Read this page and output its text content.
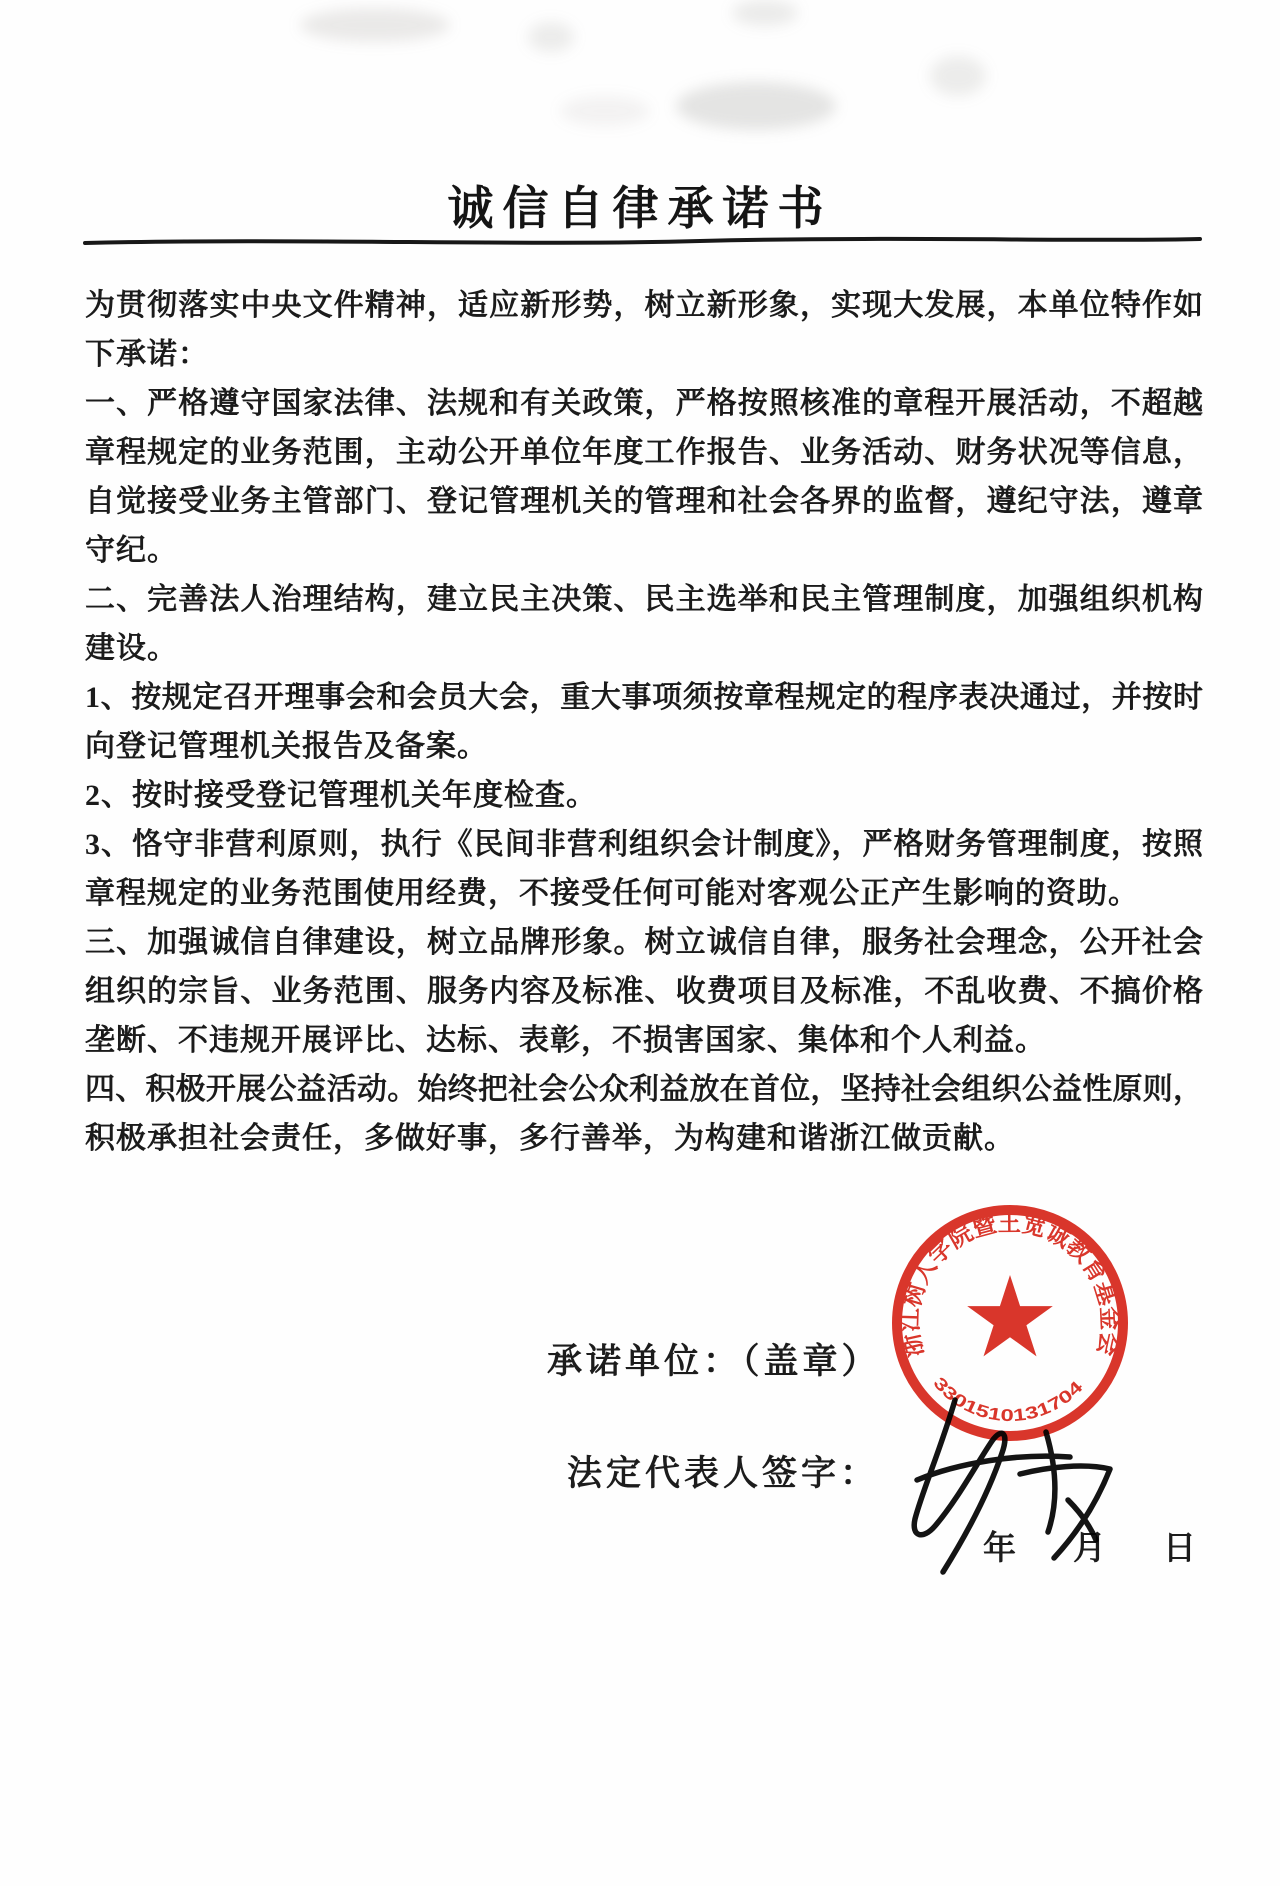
诚信自律承诺书
为贯彻落实中央文件精神，适应新形势，树立新形象，实现大发展，本单位特作如
下承诺：
一、严格遵守国家法律、法规和有关政策，严格按照核准的章程开展活动，不超越
章程规定的业务范围，主动公开单位年度工作报告、业务活动、财务状况等信息，
自觉接受业务主管部门、登记管理机关的管理和社会各界的监督，遵纪守法，遵章
守纪。
二、完善法人治理结构，建立民主决策、民主选举和民主管理制度，加强组织机构
建设。
1、按规定召开理事会和会员大会，重大事项须按章程规定的程序表决通过，并按时
向登记管理机关报告及备案。
2、按时接受登记管理机关年度检查。
3、恪守非营利原则，执行《民间非营利组织会计制度》，严格财务管理制度，按照
章程规定的业务范围使用经费，不接受任何可能对客观公正产生影响的资助。
三、加强诚信自律建设，树立品牌形象。树立诚信自律，服务社会理念，公开社会
组织的宗旨、业务范围、服务内容及标准、收费项目及标准，不乱收费、不搞价格
垄断、不违规开展评比、达标、表彰，不损害国家、集体和个人利益。
四、积极开展公益活动。始终把社会公众利益放在首位，坚持社会组织公益性原则，
积极承担社会责任，多做好事，多行善举，为构建和谐浙江做贡献。
承诺单位：（盖章）
法定代表人签字：
年　月　日
浙江树人学院暨王宽诚教育基金会
3301510131704
